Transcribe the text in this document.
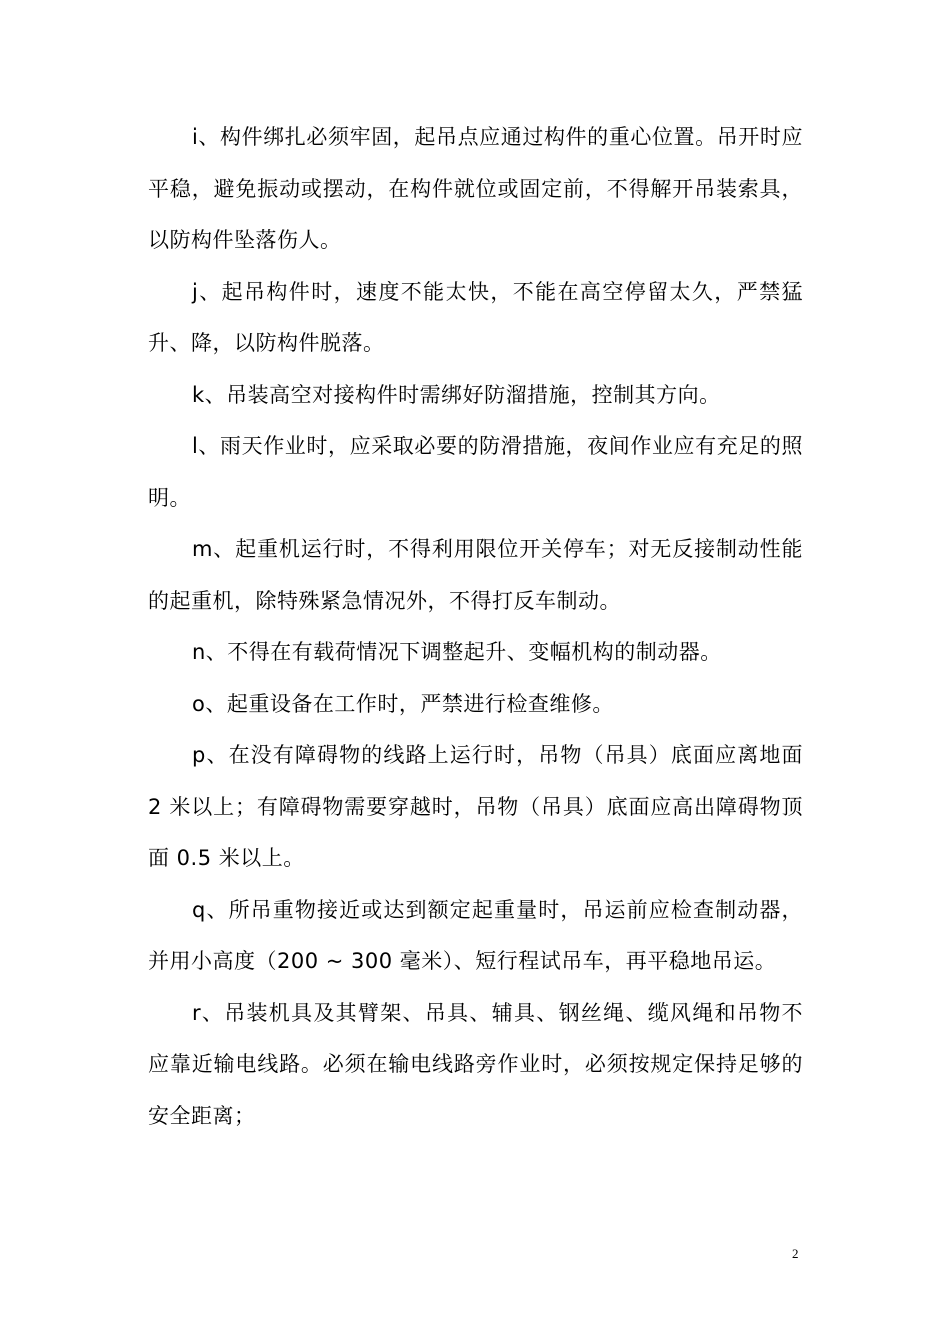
i、构件绑扎必须牢固，起吊点应通过构件的重心位置。吊开时应平稳，避免振动或摆动，在构件就位或固定前，不得解开吊装索具，以防构件坠落伤人。

j、起吊构件时，速度不能太快，不能在高空停留太久，严禁猛升、降，以防构件脱落。

k、吊装高空对接构件时需绑好防溜措施，控制其方向。

l、雨天作业时，应采取必要的防滑措施，夜间作业应有充足的照明。

m、起重机运行时，不得利用限位开关停车；对无反接制动性能的起重机，除特殊紧急情况外，不得打反车制动。

n、不得在有载荷情况下调整起升、变幅机构的制动器。

o、起重设备在工作时，严禁进行检查维修。

p、在没有障碍物的线路上运行时，吊物（吊具）底面应离地面 2 米以上；有障碍物需要穿越时，吊物（吊具）底面应高出障碍物顶面 0.5 米以上。

q、所吊重物接近或达到额定起重量时，吊运前应检查制动器，并用小高度（200 ~ 300 毫米）、短行程试吊车，再平稳地吊运。

r、吊装机具及其臂架、吊具、辅具、钢丝绳、缆风绳和吊物不应靠近输电线路。必须在输电线路旁作业时，必须按规定保持足够的安全距离；

2
